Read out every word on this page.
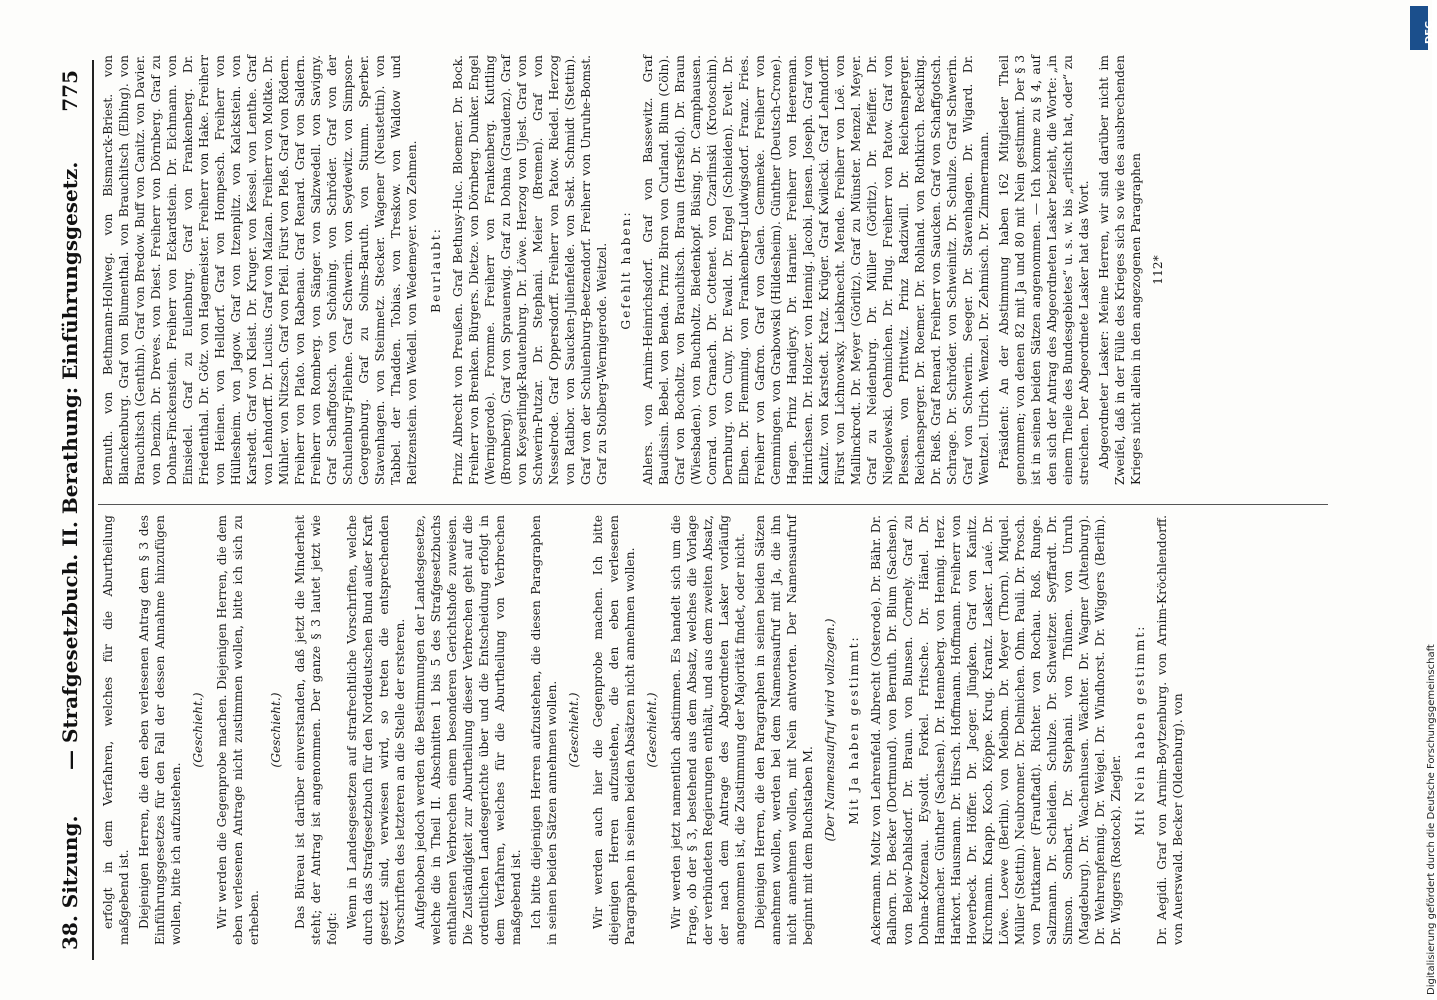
38. Sitzung.
— Strafgesetzbuch. II. Berathung: Einführungsgesetz.
775

erfolgt in dem Verfahren, welches für die Aburtheilung maßgebend ist. Diejenigen Herren, die den eben verlesenen Antrag dem § 3 des Einführungsgesetzes für den Fall der dessen Annahme hinzufügen wollen, bitte ich aufzustehen.

(Geschieht.) Wir werden die Gegenprobe machen. Diejenigen Herren, die dem eben verlesenen Antrage nicht zustimmen wollen, bitte ich sich zu erheben.

(Geschieht.) Das Büreau ist darüber einverstanden, daß jetzt die Minderheit steht; der Antrag ist angenommen. Der ganze § 3 lautet jetzt wie folgt: Wenn in Landesgesetzen auf strafrechtliche Vorschriften, welche durch das Strafgesetzbuch für den Norddeutschen Bund außer Kraft gesetzt sind, verwiesen wird, so treten die entsprechenden Vorschriften des letzteren an die Stelle der ersteren. Aufgehoben jedoch werden die Bestimmungen der Landesgesetze, welche die in Theil II. Abschnitten 1 bis 5 des Strafgesetzbuchs enthaltenen Verbrechen einem besonderen Gerichtshofe zuweisen. Die Zuständigkeit zur Aburtheilung dieser Verbrechen geht auf die ordentlichen Landesgerichte über und die Entscheidung erfolgt in dem Verfahren, welches für die Aburtheilung von Verbrechen maßgebend ist. Ich bitte diejenigen Herren aufzustehen, die diesen Paragraphen in seinen beiden Sätzen annehmen wollen. (Geschieht.) Wir werden auch hier die Gegenprobe machen. Ich bitte diejenigen Herren aufzustehen, die den eben verlesenen Paragraphen in seinen beiden Absätzen nicht annehmen wollen. (Geschieht.) Wir werden jetzt namentlich abstimmen. Es handelt sich um die Frage, ob der § 3, bestehend aus dem Absatz, welches die Vorlage der verbündeten Regierungen enthält, und aus dem zweiten Absatz, der nach dem Antrage des Abgeordneten Lasker vorläufig angenommen ist, die Zustimmung der Majorität findet, oder nicht. Diejenigen Herren, die den Paragraphen in seinen beiden Sätzen annehmen wollen, werden bei dem Namensaufruf mit Ja, die ihn nicht annehmen wollen, mit Nein antworten. Der Namensaufruf beginnt mit dem Buchstaben M.

(Der Namensaufruf wird vollzogen.) Mit Ja haben gestimmt: Ackermann. Moltz von Lehrenfeld. Albrecht (Osterode). Dr. Bähr. Dr. Balhorn. Dr. Becker (Dortmund). von Bernuth. Dr. Blum (Sachsen). von Below-Dahlsdorf. Dr. Braun. von Bunsen. Cornely. Graf zu Dohna-Kotzenau. Eysoldt. Forkel. Fritsche. Dr. Hänel. Dr. Hammacher. Günther (Sachsen). Dr. Henneberg. von Hennig. Herz. Harkort. Hausmann. Dr. Hirsch. Hoffmann. Hoffmann. Freiherr von Hoverbeck. Dr. Höffer. Dr. Jacger. Jüngken. Graf von Kanitz. Kirchmann. Knapp. Kocb. Köppe. Krug. Krantz. Lasker. Laué. Dr. Löwe. Loewe (Berlin). von Meibom. Dr. Meyer (Thorn). Miquel. Müller (Stettin). Neubronner. Dr. Delmichen. Ohm. Pauli. Dr. Prosch. von Puttkamer (Frauftadt). Richter. von Rochau. Roß. Runge. Salzmann. Dr. Schleiden. Schulze. Dr. Schweitzer. Seyffardt. Dr. Simson. Sombart. Dr. Stephani. von Thünen. von Unruh (Magdeburg). Dr. Wachenhusen. Wächter. Dr. Wagner (Altenburg). Dr. Wehrenpfennig. Dr. Weigel. Dr. Windhorst. Dr. Wiggers (Berlin). Dr. Wiggers (Rostock). Ziegler.

Mit Nein haben gestimmt: Dr. Aegidi. Graf von Arnim-Boytzenburg. von Arnim-Kröchlendorff. von Auerswald. Becker (Oldenburg). von

Bernuth. von Bethmann-Hollweg. von Bismarck-Briest. von Blanckenburg. Graf von Blumenthal. von Brauchitsch (Elbing). von Brauchitsch (Genthin). Graf von Bredow. Buff von Canitz. von Davier. von Denzin. Dr. Dreves. von Diest. Freiherr von Dörnberg. Graf zu Dohna-Finckenstein. Freiherr von Eckardstein. Dr. Eichmann. von Einsiedel. Graf zu Eulenburg. Graf von Frankenberg. Dr. Friedenthal. Dr. Götz. von Hagemeister. Freiherr von Hake. Freiherr von Heinen. von Helldorf. Graf von Hompesch. Freiherr von Hüllesheim. von Jagow. Graf von Itzenplitz. von Kalckstein. von Karstedt. Graf von Kleist. Dr. Kruger. von Kessel. von Lenthe. Graf von Lehndorff. Dr. Lucius. Graf von Malzan. Freiherr von Moltke. Dr. Mühler. von Nitzsch. Graf von Pfeil. Fürst von Pleß. Graf von Rödern. Freiherr von Plato. von Rabenau. Graf Renard. Graf von Saldern. Freiherr von Romberg. von Sänger. von Salzwedell. von Savigny. Graf Schaffgotsch. von Schöning. von Schröder. Graf von der Schulenburg-Filehne. Graf Schwerin. von Seydewitz. von Simpson-Georgenburg. Graf zu Solms-Baruth. von Stumm. Sperber. Stavenhagen. von Steinmetz. Stecker. Wagener (Neustettin). von Tabbel. der Thadden. Tobias. von Treskow. von Waldow und Reitzenstein. von Wedell. von Wedemeyer. von Zehmen. Beurlaubt: Prinz Albrecht von Preußen. Graf Bethusy-Huc. Bloemer. Dr. Bock. Freiherr von Brenken. Bürgers. Dietze. von Dörnberg. Dunker. Engel (Wernigerode). Fromme. Freiherr von Frankenberg. Kuttling (Bromberg). Graf von Sprauenwig. Graf zu Dohna (Graudenz). Graf von Keyserlingk-Rautenburg. Dr. Löwe. Herzog von Ujest. Graf von Schwerin-Putzar. Dr. Stephani. Meier (Bremen). Graf von Nesselrode. Graf Oppersdorff. Freiherr von Patow. Riedel. Herzog von Ratibor. von Saucken-Julienfelde. von Sekt. Schmidt (Stettin). Graf von der Schulenburg-Beetzendorf. Freiherr von Unruhe-Bomst. Graf zu Stolberg-Wernigerode. Weitzel. Gefehlt haben: Ahlers. von Arnim-Heinrichsdorf. Graf von Bassewitz. Graf Baudissin. Bebel. von Benda. Prinz Biron von Curland. Blum (Cöln). Graf von Bocholtz. von Brauchitsch. Braun (Hersfeld). Dr. Braun (Wiesbaden). von Buchholtz. Biedenkopf. Büsing. Dr. Camphausen. Conrad. von Cranach. Dr. Cottenet. von Czarlinski (Krotoschin). Dernburg. von Cuny. Dr. Ewald. Dr. Engel (Schleiden). Evelt. Dr. Elben. Dr. Flemming. von Frankenberg-Ludwigsdorf. Franz. Fries. Freiherr von Gafron. Graf von Galen. Gemmeke. Freiherr von Gemmingen. von Grabowski (Hildesheim). Günther (Deutsch-Crone). Hagen. Prinz Handjery. Dr. Harnier. Freiherr von Heereman. Hinrichsen. Dr. Holzer. von Hennig. Jacobi. Jensen. Joseph. Graf von Kanitz. von Karstedt. Kratz. Krüger. Graf Kwilecki. Graf Lehndorff. Fürst von Lichnowsky. Liebknecht. Mende. Freiherr von Loë. von Mallinckrodt. Dr. Meyer (Görlitz). Graf zu Münster. Menzel. Meyer. Graf zu Neidenburg. Dr. Müller (Görlitz). Dr. Pfeiffer. Dr. Niegolewski. Oehmichen. Dr. Pflug. Freiherr von Patow. Graf von Plessen. von Prittwitz. Prinz Radziwill. Dr. Reichensperger. Reichensperger. Dr. Roemer. Dr. Rohland. von Rothkirch. Reckling. Dr. Rieß. Graf Renard. Freiherr von Saucken. Graf von Schaffgotsch. Schrage. Dr. Schröder. von Schweinitz. Dr. Schulze. Graf Schwerin. Graf von Schwerin. Seeger. Dr. Stavenhagen. Dr. Wigard. Dr. Wentzel. Ulrich. Wenzel. Dr. Zehmisch. Dr. Zimmermann. Präsident: An der Abstimmung haben 162 Mitglieder Theil genommen; von denen 82 mit Ja und 80 mit Nein gestimmt. Der § 3 ist in seinen beiden Sätzen angenommen. — Ich komme zu § 4, auf den sich der Antrag des Abgeordneten Lasker bezieht, die Worte: „in einem Theile des Bundesgebietes“ u. s. w. bis „erlischt hat, oder“ zu streichen. Der Abgeordnete Lasker hat das Wort. Abgeordneter Lasker: Meine Herren, wir sind darüber nicht im Zweifel, daß in der Fülle des Krieges sich so wie des ausbrechenden Krieges nicht allein in den angezogenen Paragraphen 112*

Digitalisierung gefördert durch die Deutsche Forschungsgemeinschaft
DFG
